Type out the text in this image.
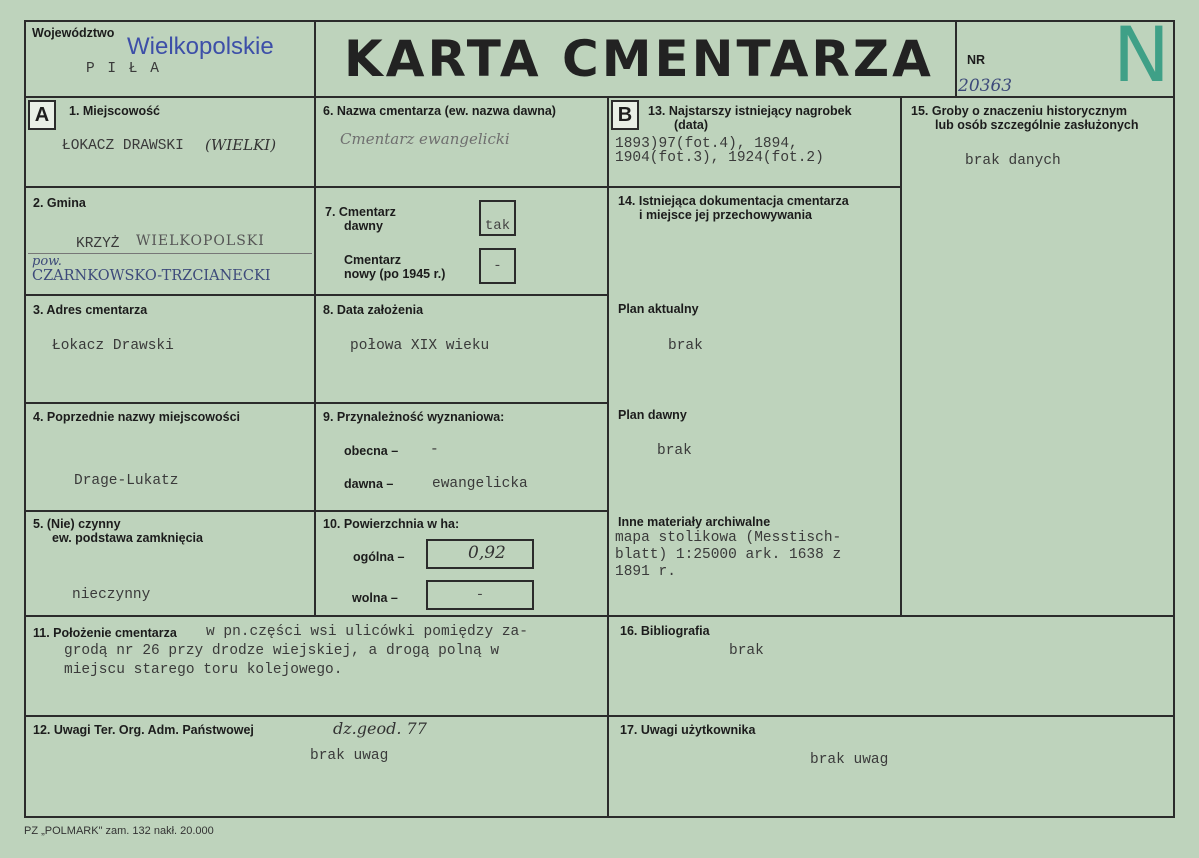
Województwo Wielkopolskie
P I Ł A	KARTA CMENTARZA	NR
20363 N
A	1. Miejscowość
ŁOKACZ DRAWSKI (WIELKI)
2. Gmina
KRZYŻ WIELKOPOLSKI
pow.
CZARNKOWSKO-TRZCIANECKI
3. Adres cmentarza
Łokacz Drawski
4. Poprzednie nazwy miejscowości
Drage-Lukatz
5. (Nie) czynny
ew. podstawa zamknięcia
nieczynny
6. Nazwa cmentarza (ew. nazwa dawna)
Cmentarz ewangelicki
7. Cmentarz
dawny	tak
Cmentarz
nowy (po 1945 r.)	-
8. Data założenia
połowa XIX wieku
9. Przynależność wyznaniowa:
obecna – -
dawna –	ewangelicka
10. Powierzchnia w ha:
ogólna –	0,92
wolna –	-
B	13. Najstarszy istniejący nagrobek
(data)
1893)97(fot.4), 1894,
1904(fot.3), 1924(fot.2)
14. Istniejąca dokumentacja cmentarza
i miejsce jej przechowywania
Plan aktualny
brak
Plan dawny
brak
Inne materiały archiwalne
mapa stolikowa (Messtisch-
blatt) 1:25000 ark. 1638 z
1891 r.
15. Groby o znaczeniu historycznym
lub osób szczególnie zasłużonych
brak danych
11. Położenie cmentarza w pn.części wsi ulicówki pomiędzy za-
grodą nr 26 przy drodze wiejskiej, a drogą polną w
miejscu starego toru kolejowego.
16. Bibliografia
brak
12. Uwagi Ter. Org. Adm. Państwowej	dz.geod. 77
brak uwag
17. Uwagi użytkownika
brak uwag
PZ „POLMARK" zam. 132 nakł. 20.000
